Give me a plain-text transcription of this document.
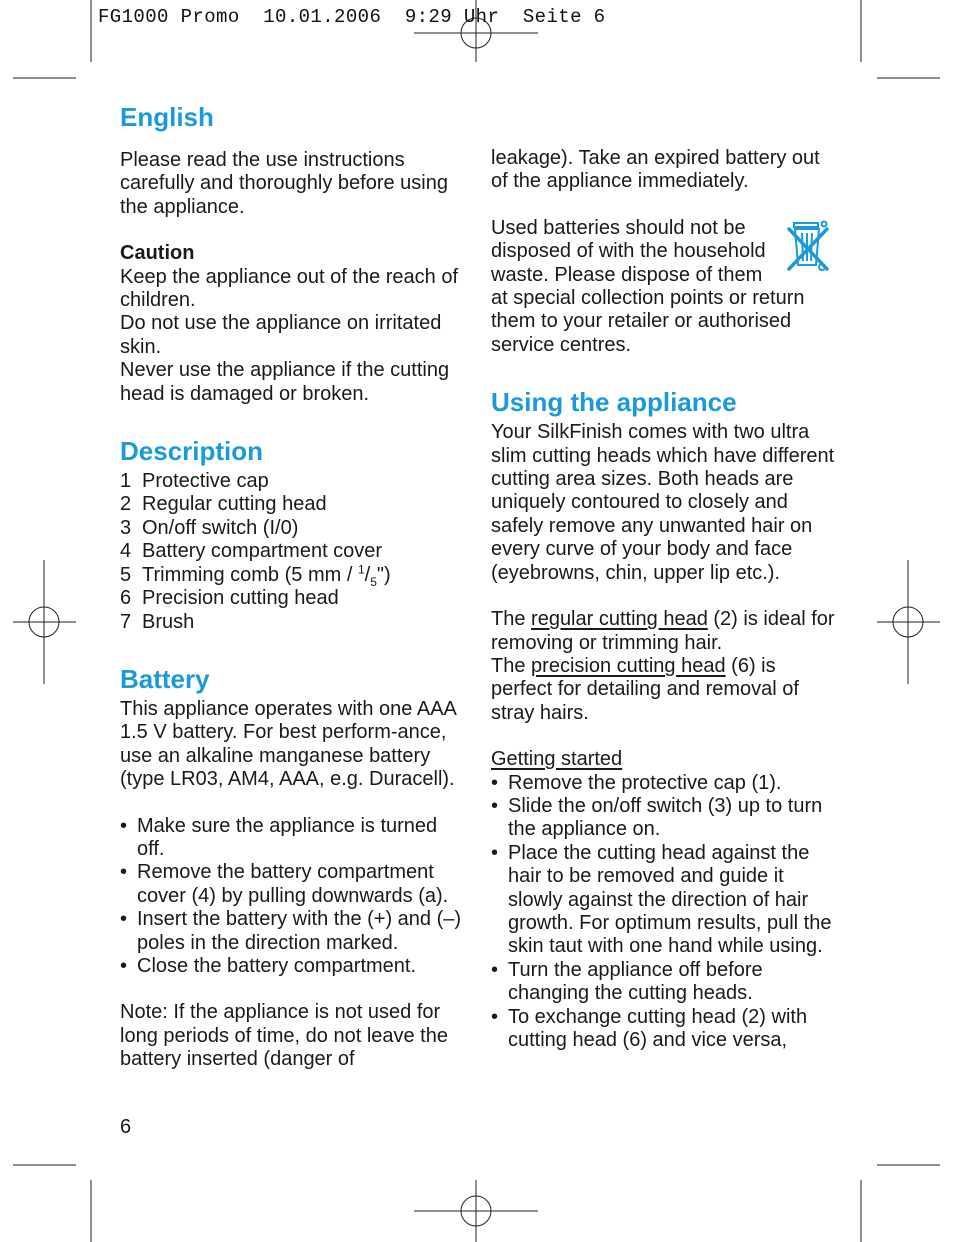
FG1000 Promo  10.01.2006  9:29 Uhr  Seite 6
English

Please read the use instructions carefully and thoroughly before using the appliance.

Caution

Keep the appliance out of the reach of children.

Do not use the appliance on irritated skin.

Never use the appliance if the cutting head is damaged or broken.

Description
1 Protective cap
2 Regular cutting head
3 On/off switch (I/0)
4 Battery compartment cover
5 Trimming comb (5 mm / $^1/_5$")
6 Precision cutting head
7 Brush
Battery

This appliance operates with one AAA 1.5 V battery. For best perform-ance, use an alkaline manganese battery (type LR03, AM4, AAA, e.g. Duracell).

• Make sure the appliance is turned off.
• Remove the battery compartment cover (4) by pulling downwards (a).
• Insert the battery with the (+) and (–) poles in the direction marked.
• Close the battery compartment.

Note: If the appliance is not used for long periods of time, do not leave the battery inserted (danger of

leakage). Take an expired battery out of the appliance immediately.

Used batteries should not be disposed of with the household waste. Please dispose of them at special collection points or return them to your retailer or authorised service centres.

Using the appliance

Your SilkFinish comes with two ultra slim cutting heads which have different cutting area sizes. Both heads are uniquely contoured to closely and safely remove any unwanted hair on every curve of your body and face (eyebrowns, chin, upper lip etc.).

The regular cutting head (2) is ideal for removing or trimming hair.

The precision cutting head (6) is perfect for detailing and removal of stray hairs.

Getting started

• Remove the protective cap (1).
• Slide the on/off switch (3) up to turn the appliance on.
• Place the cutting head against the hair to be removed and guide it slowly against the direction of hair growth. For optimum results, pull the skin taut with one hand while using.
• Turn the appliance off before changing the cutting heads.
• To exchange cutting head (2) with cutting head (6) and vice versa,
6
